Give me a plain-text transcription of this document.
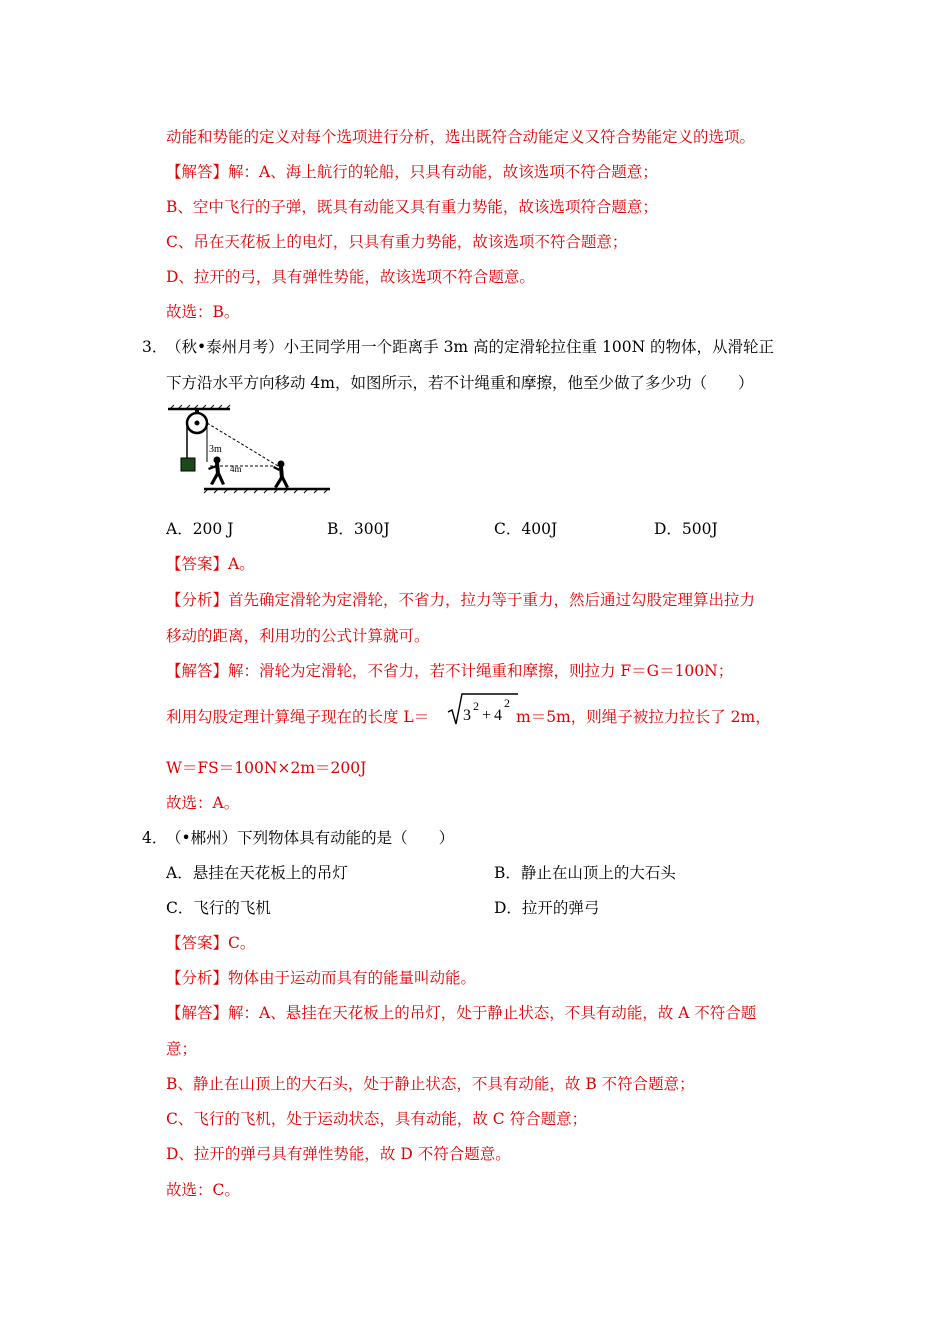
动能和势能的定义对每个选项进行分析，选出既符合动能定义又符合势能定义的选项。
【解答】解：A、海上航行的轮船，只具有动能，故该选项不符合题意；
B、空中飞行的子弹，既具有动能又具有重力势能，故该选项符合题意；
C、吊在天花板上的电灯，只具有重力势能，故该选项不符合题意；
D、拉开的弓，具有弹性势能，故该选项不符合题意。
故选：B。
3．
（秋•泰州月考）小王同学用一个距离手 3m 高的定滑轮拉住重 100N 的物体，从滑轮正
下方沿水平方向移动 4m，如图所示，若不计绳重和摩擦，他至少做了多少功（　　）
3m
4m
A．200 J	B．300J	C．400J	D．500J
【答案】A。
【分析】首先确定滑轮为定滑轮，不省力，拉力等于重力，然后通过勾股定理算出拉力
移动的距离，利用功的公式计算就可。
【解答】解：滑轮为定滑轮，不省力，若不计绳重和摩擦，则拉力 F＝G＝100N；
利用勾股定理计算绳子现在的长度 L＝ 3
2
+ 4
2
m＝5m，则绳子被拉力拉长了 2m，
W＝FS＝100N×2m＝200J
故选：A。
4．
（•郴州）下列物体具有动能的是（　　）
A．悬挂在天花板上的吊灯	B．静止在山顶上的大石头
C．飞行的飞机	D．拉开的弹弓
【答案】C。
【分析】物体由于运动而具有的能量叫动能。
【解答】解：A、悬挂在天花板上的吊灯，处于静止状态，不具有动能，故 A 不符合题
意；
B、静止在山顶上的大石头，处于静止状态，不具有动能，故 B 不符合题意；
C、飞行的飞机，处于运动状态，具有动能，故 C 符合题意；
D、拉开的弹弓具有弹性势能，故 D 不符合题意。
故选：C。
